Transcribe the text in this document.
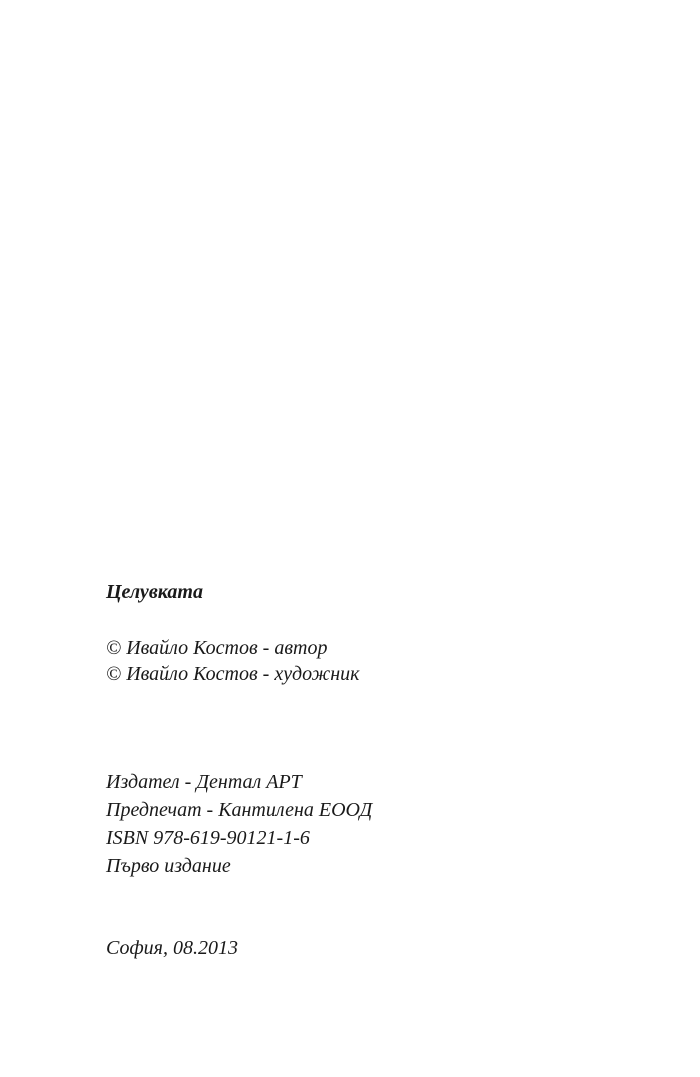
Целувката

© Ивайло Костов - автор

© Ивайло Костов - художник

Издател - Дентал АРТ

Предпечат - Кантилена ЕООД

ISBN 978-619-90121-1-6

Първо издание

София, 08.2013
